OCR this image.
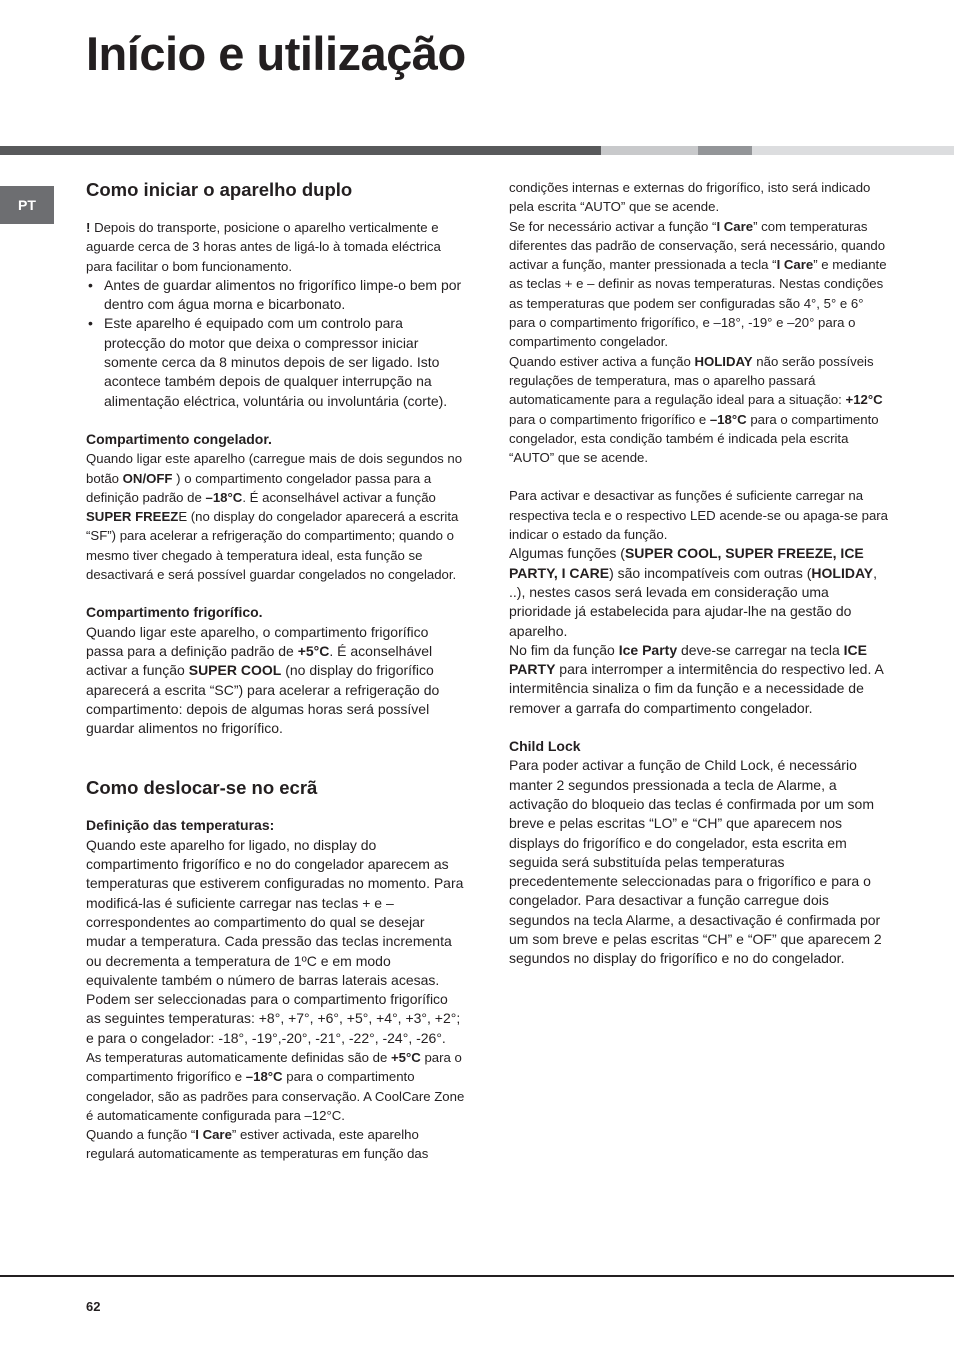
Início e utilização
PT
Como iniciar o aparelho duplo

! Depois do transporte, posicione o aparelho verticalmente e aguarde cerca de 3 horas antes de ligá-lo à tomada eléctrica para facilitar o bom funcionamento.

• Antes de guardar alimentos no frigorífico limpe-o bem por dentro com água morna e bicarbonato.
• Este aparelho é equipado com um controlo para protecção do motor que deixa o compressor iniciar somente cerca da 8 minutos depois de ser ligado. Isto acontece também depois de qualquer interrupção na alimentação eléctrica, voluntária ou involuntária (corte).
Compartimento congelador.

Quando ligar este aparelho (carregue mais de dois segundos no botão ON/OFF ) o compartimento congelador passa para a definição padrão de –18°C. É aconselhável activar a função SUPER FREEZE (no display do congelador aparecerá a escrita “SF”) para acelerar a refrigeração do compartimento; quando o mesmo tiver chegado à temperatura ideal, esta função se desactivará e será possível guardar congelados no congelador.

Compartimento frigorífico.

Quando ligar este aparelho, o compartimento frigorífico passa para a definição padrão de +5°C. É aconselhável activar a função SUPER COOL (no display do frigorífico aparecerá a escrita “SC”) para acelerar a refrigeração do compartimento: depois de algumas horas será possível guardar alimentos no frigorífico.

Como deslocar-se no ecrã
Definição das temperaturas:

Quando este aparelho for ligado, no display do compartimento frigorífico e no do congelador aparecem as temperaturas que estiverem configuradas no momento. Para modificá-las é suficiente carregar nas teclas + e – correspondentes ao compartimento do qual se desejar mudar a temperatura. Cada pressão das teclas incrementa ou decrementa a temperatura de 1ºC e em modo equivalente também o número de barras laterais acesas. Podem ser seleccionadas para o compartimento frigorífico as seguintes temperaturas: +8°, +7°, +6°, +5°, +4°, +3°, +2°; e para o congelador: -18°, -19°,-20°, -21°, -22°, -24°, -26°.

As temperaturas automaticamente definidas são de +5°C para o compartimento frigorífico e –18°C para o compartimento congelador, são as padrões para conservação. A CoolCare Zone é automaticamente configurada para –12°C.

Quando a função “I Care” estiver activada, este aparelho regulará automaticamente as temperaturas em função das

condições internas e externas do frigorífico, isto será indicado pela escrita “AUTO” que se acende.

Se for necessário activar a função “I Care” com temperaturas diferentes das padrão de conservação, será necessário, quando activar a função, manter pressionada a tecla “I Care” e mediante as teclas + e – definir as novas temperaturas. Nestas condições as temperaturas que podem ser configuradas são 4°, 5° e 6° para o compartimento frigorífico, e –18°, -19° e –20° para o compartimento congelador.

Quando estiver activa a função HOLIDAY não serão possíveis regulações de temperatura, mas o aparelho passará automaticamente para a regulação ideal para a situação: +12°C para o compartimento frigorífico e –18°C para o compartimento congelador, esta condição também é indicada pela escrita “AUTO” que se acende.

Para activar e desactivar as funções é suficiente carregar na respectiva tecla e o respectivo LED acende-se ou apaga-se para indicar o estado da função.

Algumas funções (SUPER COOL, SUPER FREEZE, ICE PARTY, I CARE) são incompatíveis com outras (HOLIDAY, ..), nestes casos será levada em consideração uma prioridade já estabelecida para ajudar-lhe na gestão do aparelho.

No fim da função Ice Party deve-se carregar na tecla ICE PARTY para interromper a intermitência do respectivo led. A intermitência sinaliza o fim da função e a necessidade de remover a garrafa do compartimento congelador.

Child Lock

Para poder activar a função de Child Lock, é necessário manter 2 segundos pressionada a tecla de Alarme, a activação do bloqueio das teclas é confirmada por um som breve e pelas escritas “LO” e “CH” que aparecem nos displays do frigorífico e do congelador, esta escrita em seguida será substituída pelas temperaturas precedentemente seleccionadas para o frigorífico e para o congelador. Para desactivar a função carregue dois segundos na tecla Alarme, a desactivação é confirmada por um som breve e pelas escritas “CH” e “OF” que aparecem 2 segundos no display do frigorífico e no do congelador.

62
